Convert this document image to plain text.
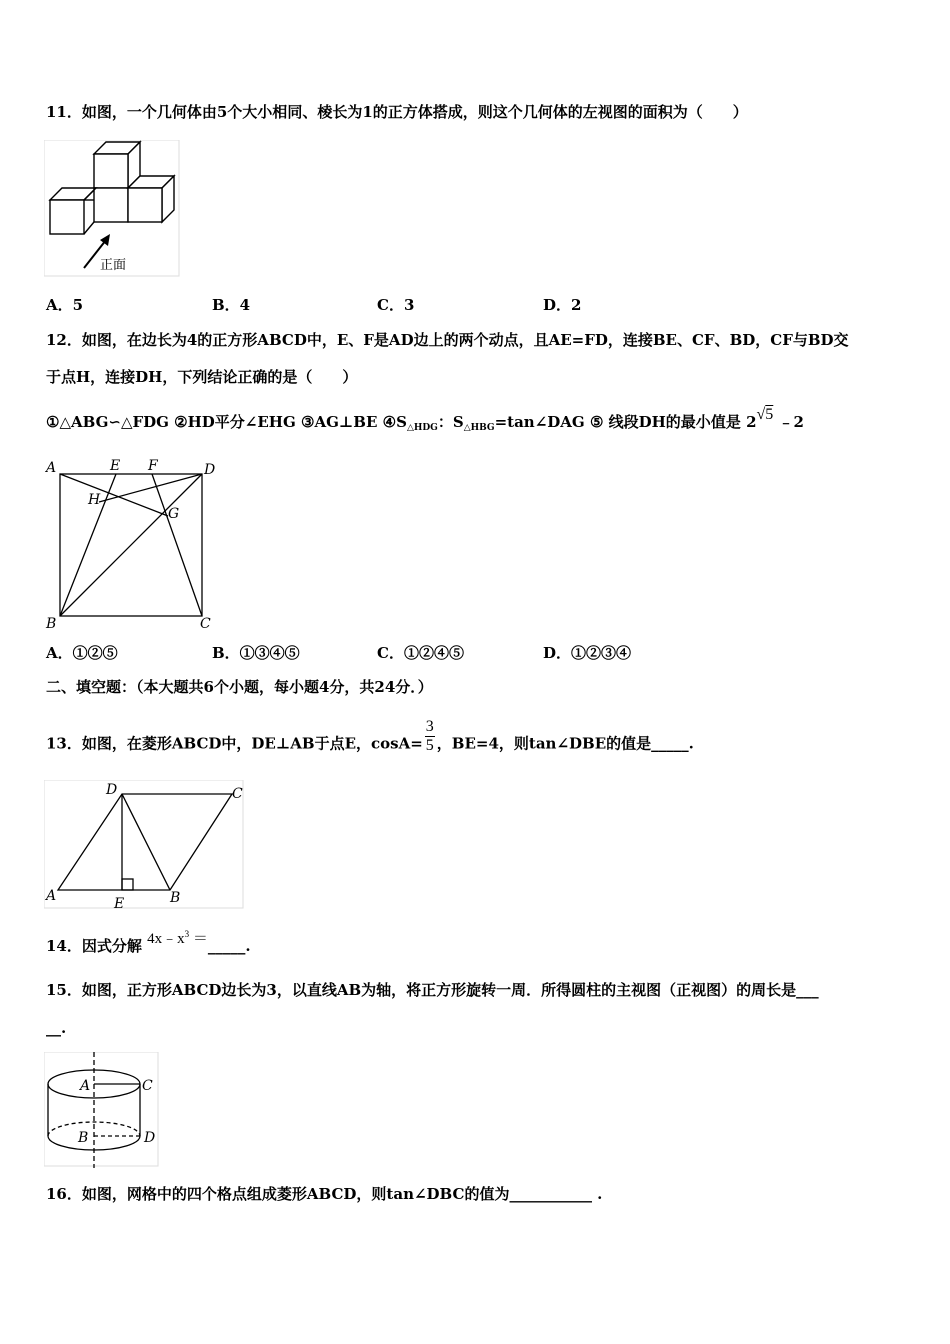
11．如图，一个几何体由5个大小相同、棱长为1的正方体搭成，则这个几何体的左视图的面积为（　　）
正面
A．5	B．4	C．3	D．2
12．如图，在边长为4的正方形ABCD中，E、F是AD边上的两个动点，且AE=FD，连接BE、CF、BD，CF与BD交
于点H，连接DH，下列结论正确的是（　　）
①△ABG∽△FDG ②HD平分∠EHG ③AG⊥BE $④S_{\triangle HDG}$：$S_{\triangle HBG}=\tan\angle DAG$ ⑤ 线段DH的最小值是 2√5 ﹣2
A	E F	D
H
G
B	C
A．①②⑤	B．①③④⑤	C．①②④⑤	D．①②③④
二、填空题：（本大题共6个小题，每小题4分，共24分．）
13．如图，在菱形ABCD中，DE⊥AB于点E，$\cos A= \frac{3}{5}$ ，BE=4，则tan∠DBE的值是_____.
D	C
A	B
E
14．因式分解 $4x﹣x^3$ ＝_____.
15．如图，正方形ABCD边长为3，以直线AB为轴，将正方形旋转一周．所得圆柱的主视图（正视图）的周长是___
__.
A	C
B	D
16．如图，网格中的四个格点组成菱形ABCD，则tan∠DBC的值为___________ .
